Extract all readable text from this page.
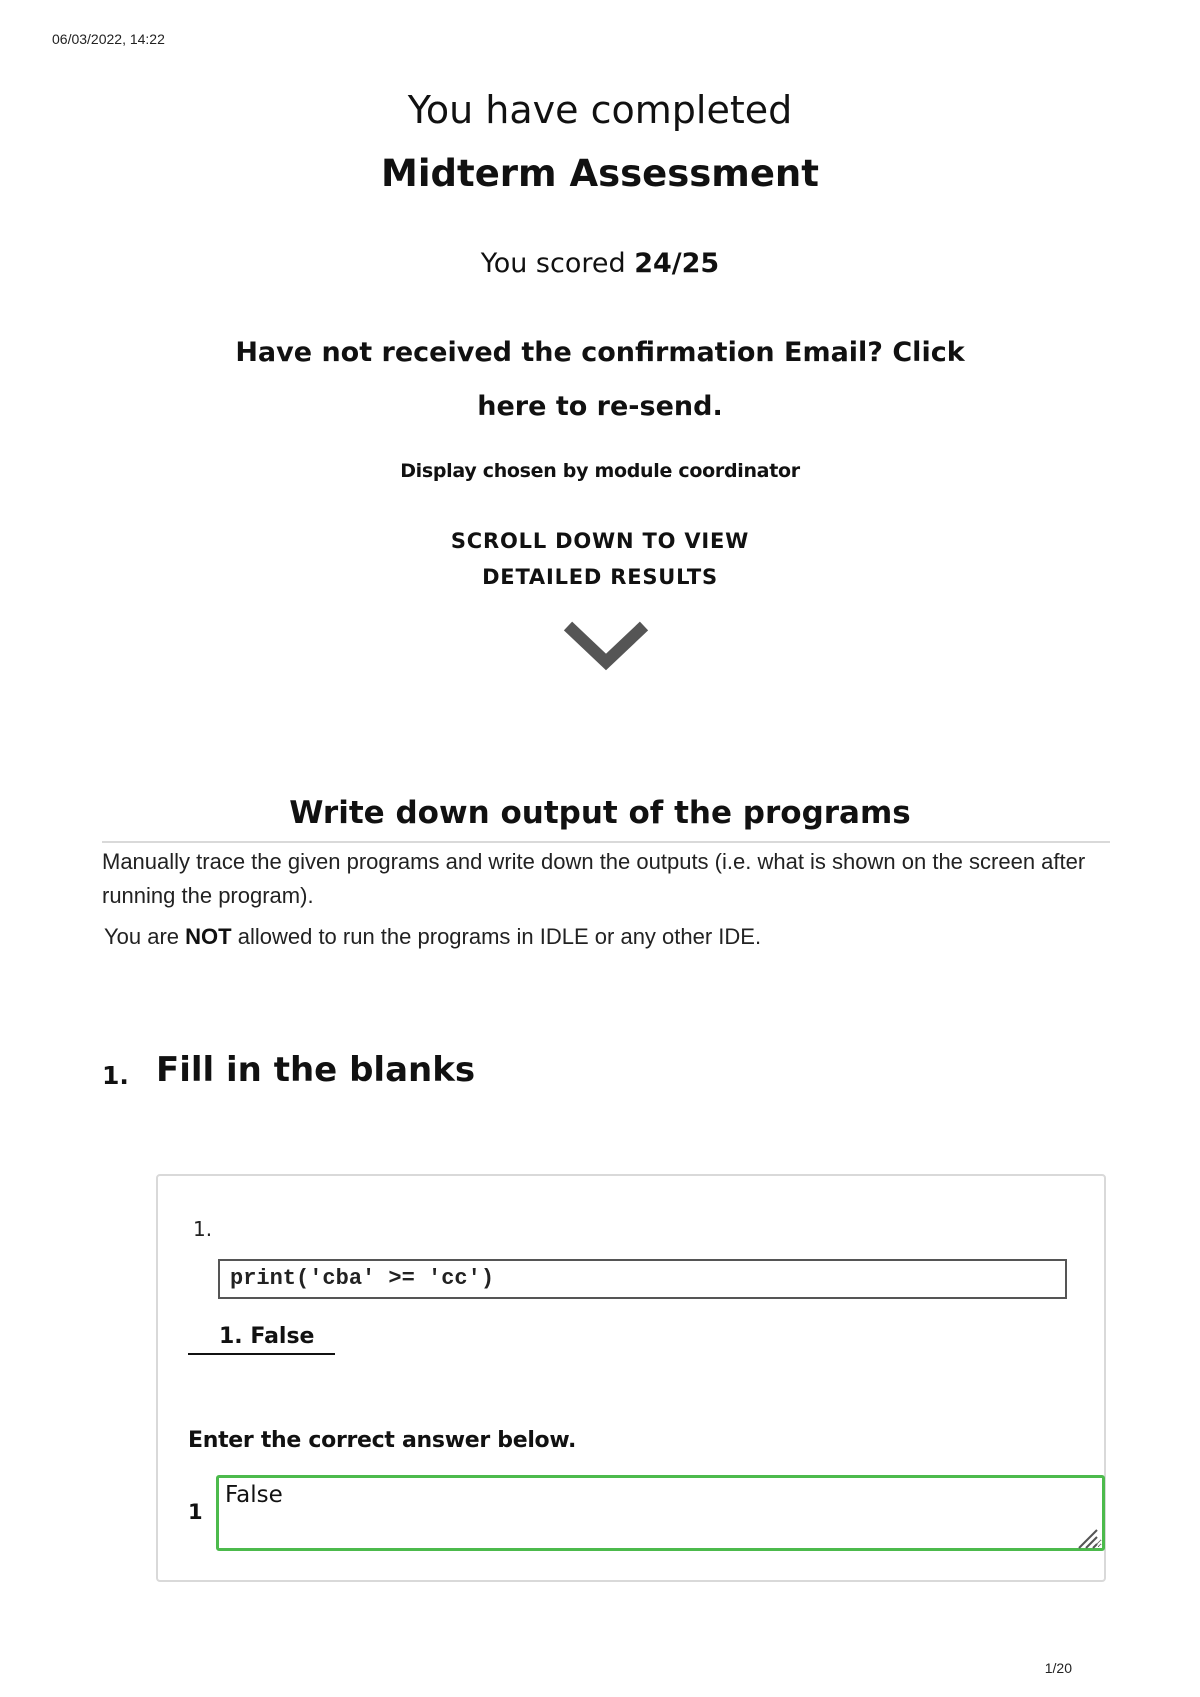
06/03/2022, 14:22
You have completed
Midterm Assessment
You scored 24/25
Have not received the confirmation Email? Click here to re-send.
Display chosen by module coordinator
SCROLL DOWN TO VIEW
DETAILED RESULTS
Write down output of the programs
Manually trace the given programs and write down the outputs (i.e. what is shown on the screen after running the program).
You are NOT allowed to run the programs in IDLE or any other IDE.
1. Fill in the blanks
1.
print('cba' >= 'cc')
1. False
Enter the correct answer below.
1
False
1/20
